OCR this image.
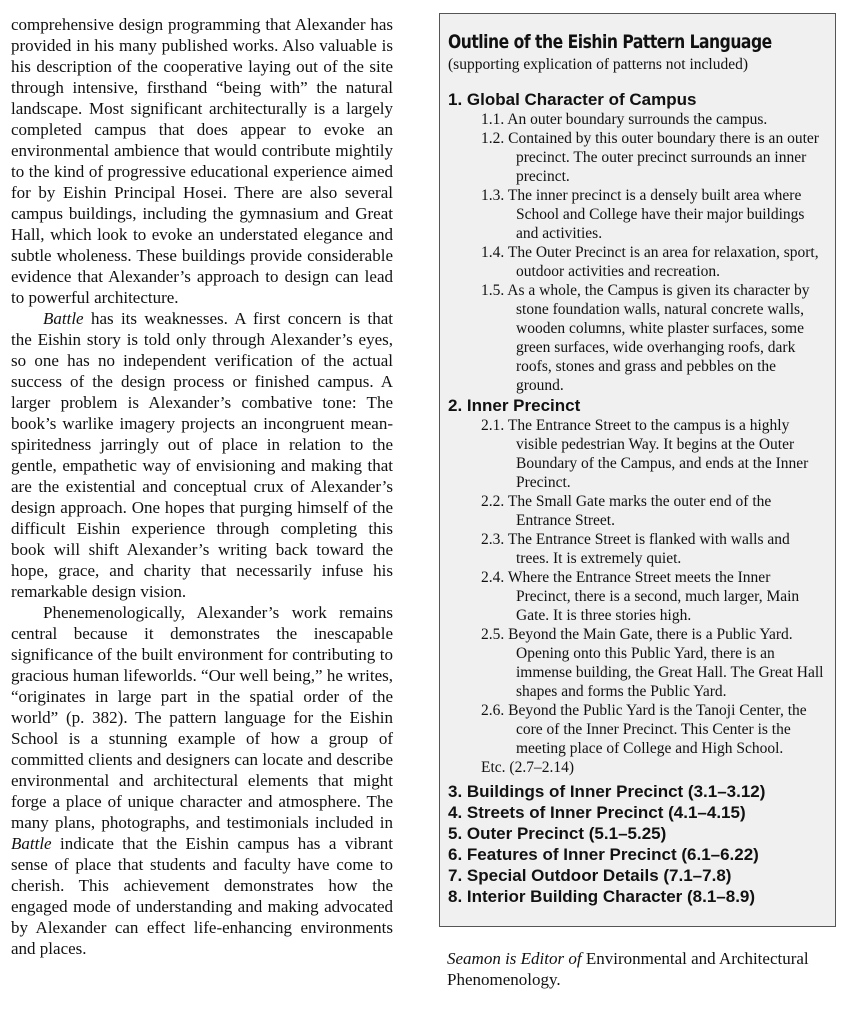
comprehensive design programming that Alexander has provided in his many published works. Also valuable is his description of the cooperative laying out of the site through intensive, firsthand “being with” the natural landscape. Most significant architecturally is a largely completed campus that does appear to evoke an environmental ambience that would contribute mightily to the kind of progressive educational experience aimed for by Eishin Principal Hosei. There are also several campus buildings, including the gymnasium and Great Hall, which look to evoke an understated elegance and subtle wholeness. These buildings provide considerable evidence that Alexander’s approach to design can lead to powerful architecture.

Battle has its weaknesses. A first concern is that the Eishin story is told only through Alexander’s eyes, so one has no independent verification of the actual success of the design process or finished campus. A larger problem is Alexander’s combative tone: The book’s warlike imagery projects an incongruent mean-spiritedness jarringly out of place in relation to the gentle, empathetic way of envisioning and making that are the existential and conceptual crux of Alexander’s design approach. One hopes that purging himself of the difficult Eishin experience through completing this book will shift Alexander’s writing back toward the hope, grace, and charity that necessarily infuse his remarkable design vision.

Phenemenologically, Alexander’s work remains central because it demonstrates the inescapable significance of the built environment for contributing to gracious human lifeworlds. “Our well being,” he writes, “originates in large part in the spatial order of the world” (p. 382). The pattern language for the Eishin School is a stunning example of how a group of committed clients and designers can locate and describe environmental and architectural elements that might forge a place of unique character and atmosphere. The many plans, photographs, and testimonials included in Battle indicate that the Eishin campus has a vibrant sense of place that students and faculty have come to cherish. This achievement demonstrates how the engaged mode of understanding and making advocated by Alexander can effect life-enhancing environments and places.

Outline of the Eishin Pattern Language
(supporting explication of patterns not included)
1. Global Character of Campus
1.1. An outer boundary surrounds the campus.
1.2. Contained by this outer boundary there is an outer precinct. The outer precinct surrounds an inner precinct.
1.3. The inner precinct is a densely built area where School and College have their major buildings and activities.
1.4. The Outer Precinct is an area for relaxation, sport, outdoor activities and recreation.
1.5. As a whole, the Campus is given its character by stone foundation walls, natural concrete walls, wooden columns, white plaster surfaces, some green surfaces, wide overhanging roofs, dark roofs, stones and grass and pebbles on the ground.
2. Inner Precinct
2.1. The Entrance Street to the campus is a highly visible pedestrian Way. It begins at the Outer Boundary of the Campus, and ends at the Inner Precinct.
2.2. The Small Gate marks the outer end of the Entrance Street.
2.3. The Entrance Street is flanked with walls and trees. It is extremely quiet.
2.4. Where the Entrance Street meets the Inner Precinct, there is a second, much larger, Main Gate. It is three stories high.
2.5. Beyond the Main Gate, there is a Public Yard. Opening onto this Public Yard, there is an immense building, the Great Hall. The Great Hall shapes and forms the Public Yard.
2.6. Beyond the Public Yard is the Tanoji Center, the core of the Inner Precinct. This Center is the meeting place of College and High School.
Etc. (2.7–2.14)
3. Buildings of Inner Precinct (3.1–3.12)
4. Streets of Inner Precinct (4.1–4.15)
5. Outer Precinct (5.1–5.25)
6. Features of Inner Precinct (6.1–6.22)
7. Special Outdoor Details (7.1–7.8)
8. Interior Building Character (8.1–8.9)
Seamon is Editor of Environmental and Architectural Phenomenology.
